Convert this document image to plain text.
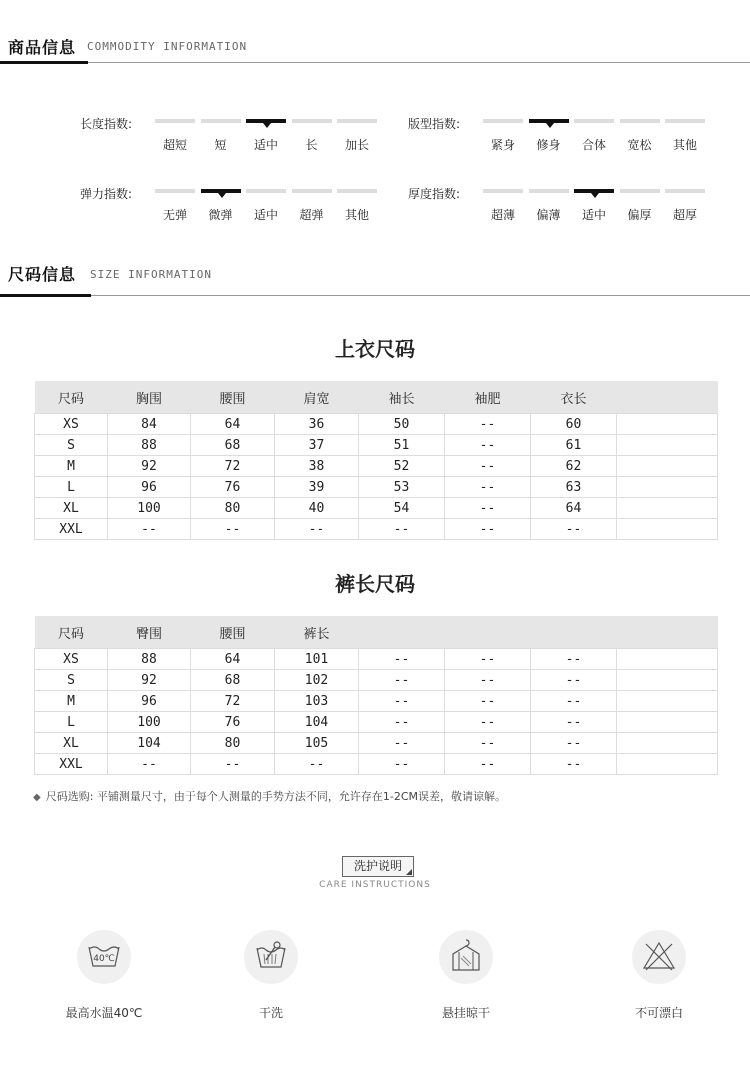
商品信息 COMMODITY INFORMATION
长度指数:
超短	短	适中	长	加长
版型指数:
紧身	修身	合体	宽松	其他
弹力指数:
无弹	微弹	适中	超弹	其他
厚度指数:
超薄	偏薄	适中	偏厚	超厚
尺码信息 SIZE INFORMATION
上衣尺码
尺码	胸围	腰围	肩宽	袖长	袖肥	衣长	
XS	84	64	36	50	--	60	
S	88	68	37	51	--	61	
M	92	72	38	52	--	62	
L	96	76	39	53	--	63	
XL	100	80	40	54	--	64	
XXL	--	--	--	--	--	--	
裤长尺码
尺码	臀围	腰围	裤长				
XS	88	64	101	--	--	--	
S	92	68	102	--	--	--	
M	96	72	103	--	--	--	
L	100	76	104	--	--	--	
XL	104	80	105	--	--	--	
XXL	--	--	--	--	--	--	
◆ 尺码选购: 平铺测量尺寸，由于每个人测量的手势方法不同，允许存在1-2CM误差，敬请谅解。
洗护说明
CARE INSTRUCTIONS
40℃
最高水温40℃	干洗	悬挂晾干	不可漂白
